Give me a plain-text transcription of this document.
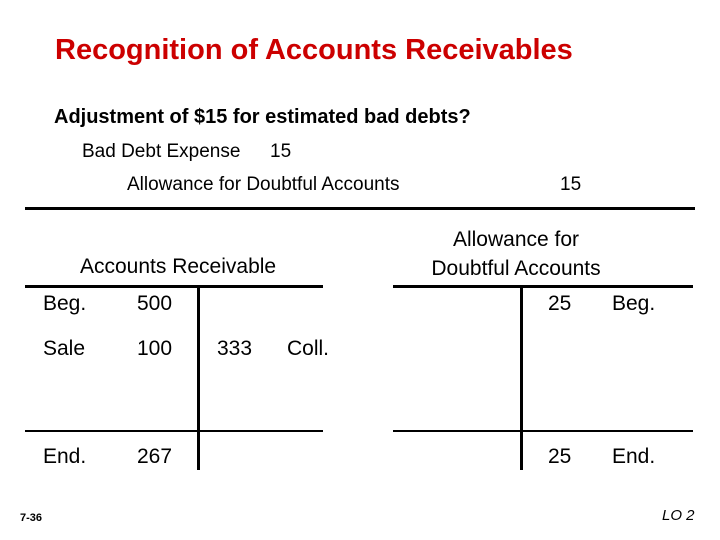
Recognition of Accounts Receivables
Adjustment of $15 for estimated bad debts?
Bad Debt Expense 15
Allowance for Doubtful Accounts	15
Accounts Receivable
Beg. 500
Sale 100 333 Coll.
End. 267
Allowance for
Doubtful Accounts
25 Beg.
25 End.
7-36	LO 2
